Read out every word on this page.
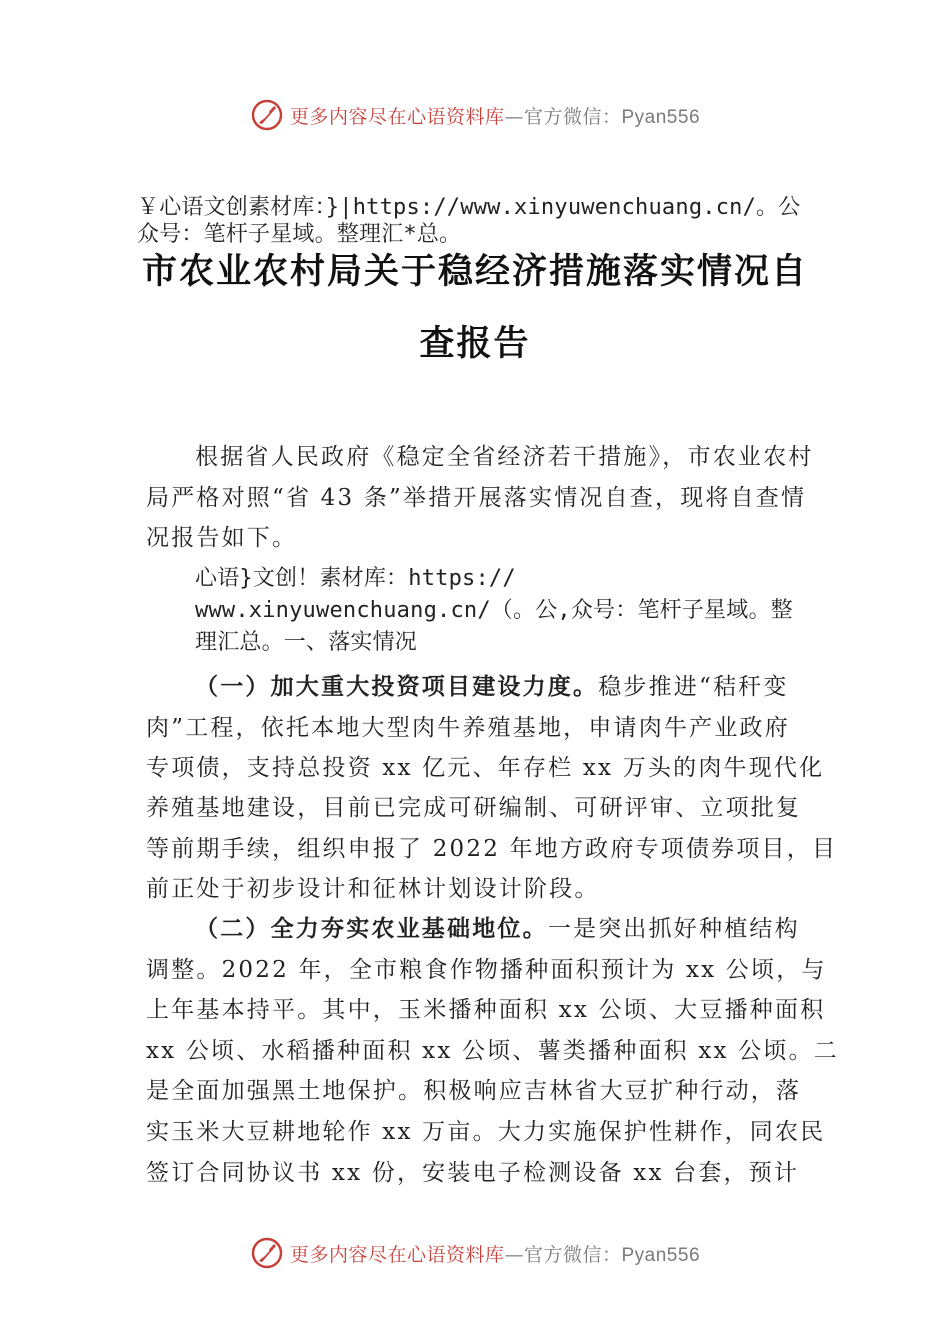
更多内容尽在心语资料库—官方微信：Pyan556
￥心语文创素材库：}|https://www.xinyuwenchuang.cn/。公
众号：笔杆子星域。整理汇*总。
市农业农村局关于稳经济措施落实情况自
查报告
根据省人民政府《稳定全省经济若干措施》，市农业农村
局严格对照“省 43 条”举措开展落实情况自查，现将自查情
况报告如下。
心语}文创！素材库：https://
www.xinyuwenchuang.cn/（。公,众号：笔杆子星域。整
理汇总。一、落实情况
（一）加大重大投资项目建设力度。稳步推进“秸秆变
肉”工程，依托本地大型肉牛养殖基地，申请肉牛产业政府
专项债，支持总投资 xx 亿元、年存栏 xx 万头的肉牛现代化
养殖基地建设，目前已完成可研编制、可研评审、立项批复
等前期手续，组织申报了 2022 年地方政府专项债券项目，目
前正处于初步设计和征林计划设计阶段。
（二）全力夯实农业基础地位。一是突出抓好种植结构
调整。2022 年，全市粮食作物播种面积预计为 xx 公顷，与
上年基本持平。其中，玉米播种面积 xx 公顷、大豆播种面积
xx 公顷、水稻播种面积 xx 公顷、薯类播种面积 xx 公顷。二
是全面加强黑土地保护。积极响应吉林省大豆扩种行动，落
实玉米大豆耕地轮作 xx 万亩。大力实施保护性耕作，同农民
签订合同协议书 xx 份，安装电子检测设备 xx 台套，预计
更多内容尽在心语资料库—官方微信：Pyan556
